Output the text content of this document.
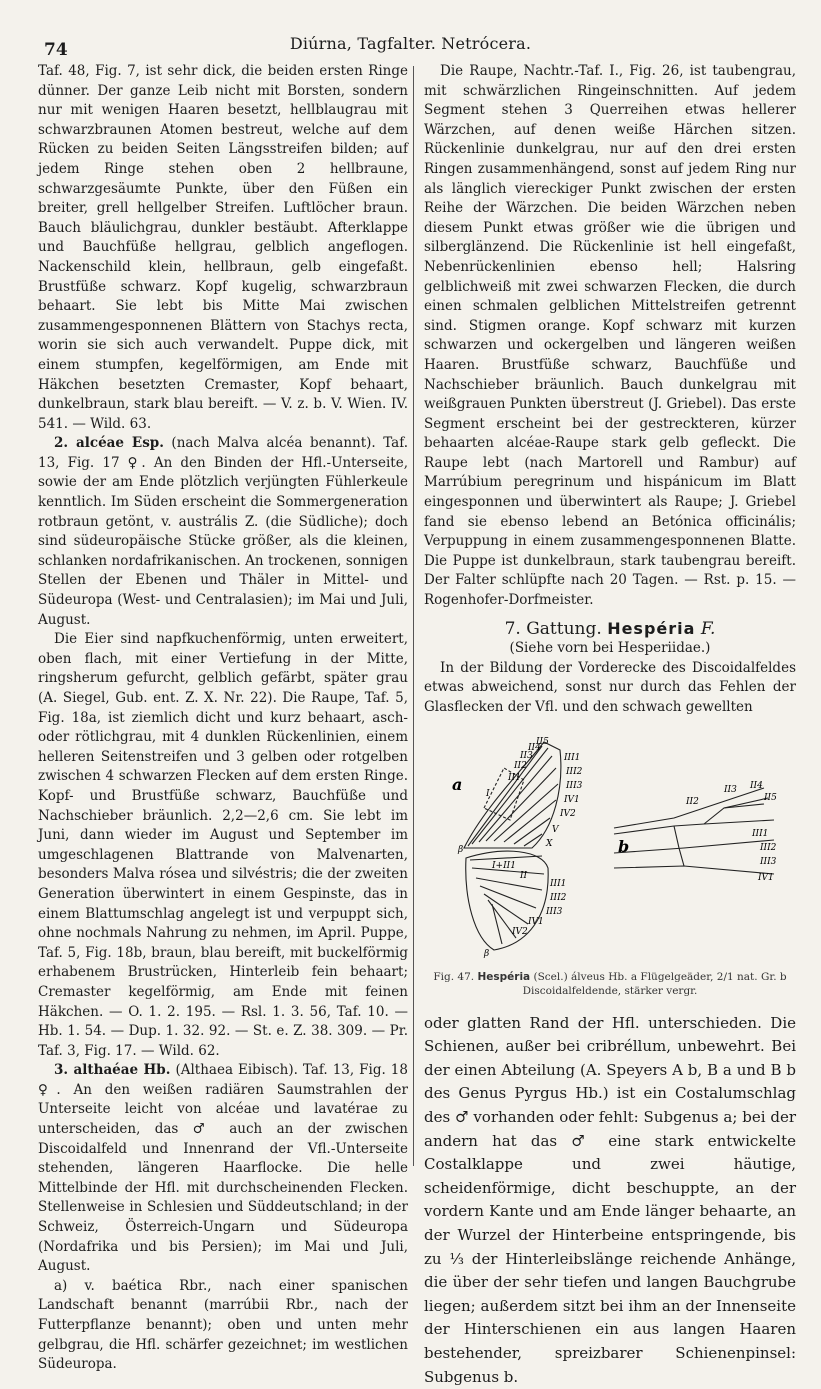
74	Diúrna, Tagfalter. Netrócera.

Taf. 48, Fig. 7, ist sehr dick, die beiden ersten Ringe dünner. Der ganze Leib nicht mit Borsten, sondern nur mit wenigen Haaren besetzt, hellblaugrau mit schwarzbraunen Atomen bestreut, welche auf dem Rücken zu beiden Seiten Längsstreifen bilden; auf jedem Ringe stehen oben 2 hellbraune, schwarzgesäumte Punkte, über den Füßen ein breiter, grell hellgelber Streifen. Luftlöcher braun. Bauch bläulichgrau, dunkler bestäubt. Afterklappe und Bauchfüße hellgrau, gelblich angeflogen. Nackenschild klein, hellbraun, gelb eingefaßt. Brustfüße schwarz. Kopf kugelig, schwarzbraun behaart. Sie lebt bis Mitte Mai zwischen zusammengesponnenen Blättern von Stachys recta, worin sie sich auch verwandelt. Puppe dick, mit einem stumpfen, kegelförmigen, am Ende mit Häkchen besetzten Cremaster, Kopf behaart, dunkelbraun, stark blau bereift. — V. z. b. V. Wien. IV. 541. — Wild. 63.

2. alcéae Esp. (nach Malva alcéa benannt). Taf. 13, Fig. 17 ♀. An den Binden der Hfl.-Unterseite, sowie der am Ende plötzlich verjüngten Fühlerkeule kenntlich. Im Süden erscheint die Sommergeneration rotbraun getönt, v. austrális Z. (die Südliche); doch sind südeuropäische Stücke größer, als die kleinen, schlanken nordafrikanischen. An trockenen, sonnigen Stellen der Ebenen und Thäler in Mittel- und Südeuropa (West- und Centralasien); im Mai und Juli, August.

Die Eier sind napfkuchenförmig, unten erweitert, oben flach, mit einer Vertiefung in der Mitte, ringsherum gefurcht, gelblich gefärbt, später grau (A. Siegel, Gub. ent. Z. X. Nr. 22). Die Raupe, Taf. 5, Fig. 18a, ist ziemlich dicht und kurz behaart, asch- oder rötlichgrau, mit 4 dunklen Rückenlinien, einem helleren Seitenstreifen und 3 gelben oder rotgelben zwischen 4 schwarzen Flecken auf dem ersten Ringe. Kopf- und Brustfüße schwarz, Bauchfüße und Nachschieber bräunlich. 2,2—2,6 cm. Sie lebt im Juni, dann wieder im August und September im umgeschlagenen Blattrande von Malvenarten, besonders Malva rósea und silvéstris; die der zweiten Generation überwintert in einem Gespinste, das in einem Blattumschlag angelegt ist und verpuppt sich, ohne nochmals Nahrung zu nehmen, im April. Puppe, Taf. 5, Fig. 18b, braun, blau bereift, mit buckelförmig erhabenem Brustrücken, Hinterleib fein behaart; Cremaster kegelförmig, am Ende mit feinen Häkchen. — O. 1. 2. 195. — Rsl. 1. 3. 56, Taf. 10. — Hb. 1. 54. — Dup. 1. 32. 92. — St. e. Z. 38. 309. — Pr. Taf. 3, Fig. 17. — Wild. 62.

3. althaéae Hb. (Althaea Eibisch). Taf. 13, Fig. 18 ♀. An den weißen radiären Saumstrahlen der Unterseite leicht von alcéae und lavatérae zu unterscheiden, das ♂ auch an der zwischen Discoidalfeld und Innenrand der Vfl.-Unterseite stehenden, längeren Haarflocke. Die helle Mittelbinde der Hfl. mit durchscheinenden Flecken. Stellenweise in Schlesien und Süddeutschland; in der Schweiz, Österreich-Ungarn und Südeuropa (Nordafrika und bis Persien); im Mai und Juli, August.

a) v. baética Rbr., nach einer spanischen Landschaft benannt (marrúbii Rbr., nach der Futterpflanze benannt); oben und unten mehr gelbgrau, die Hfl. schärfer gezeichnet; im westlichen Südeuropa.

Die Raupe, Nachtr.-Taf. I., Fig. 26, ist taubengrau, mit schwärzlichen Ringeinschnitten. Auf jedem Segment stehen 3 Querreihen etwas hellerer Wärzchen, auf denen weiße Härchen sitzen. Rückenlinie dunkelgrau, nur auf den drei ersten Ringen zusammenhängend, sonst auf jedem Ring nur als länglich viereckiger Punkt zwischen der ersten Reihe der Wärzchen. Die beiden Wärzchen neben diesem Punkt etwas größer wie die übrigen und silberglänzend. Die Rückenlinie ist hell eingefaßt, Nebenrückenlinien ebenso hell; Halsring gelblichweiß mit zwei schwarzen Flecken, die durch einen schmalen gelblichen Mittelstreifen getrennt sind. Stigmen orange. Kopf schwarz mit kurzen schwarzen und ockergelben und längeren weißen Haaren. Brustfüße schwarz, Bauchfüße und Nachschieber bräunlich. Bauch dunkelgrau mit weißgrauen Punkten überstreut (J. Griebel). Das erste Segment erscheint bei der gestreckteren, kürzer behaarten alcéae-Raupe stark gelb gefleckt. Die Raupe lebt (nach Martorell und Rambur) auf Marrúbium peregrinum und hispánicum im Blatt eingesponnen und überwintert als Raupe; J. Griebel fand sie ebenso lebend an Betónica officinális; Verpuppung in einem zusammengesponnenen Blatte. Die Puppe ist dunkelbraun, stark taubengrau bereift. Der Falter schlüpfte nach 20 Tagen. — Rst. p. 15. — Rogenhofer-Dorfmeister.

7. Gattung. Hespéria F.
(Siehe vorn bei Hesperiidae.)

In der Bildung der Vorderecke des Discoidalfeldes etwas abweichend, sonst nur durch das Fehlen der Glasflecken der Vfl. und den schwach gewellten

a
b
II5
II4
II3
II2
II1
I
III1
III2
III3
IV1
IV2
V
X
β
I+II1
II
III1
III2
III3
IV1
IV2
β
II2
II3 II4
II5
III1
III2
III3
IV1
Fig. 47. Hespéria (Scel.) álveus Hb. a Flügelgeäder, 2/1 nat. Gr. b Discoidalfeldende, stärker vergr.

oder glatten Rand der Hfl. unterschieden. Die Schienen, außer bei cribréllum, unbewehrt. Bei der einen Abteilung (A. Speyers A b, B a und B b des Genus Pyrgus Hb.) ist ein Costalumschlag des ♂ vorhanden oder fehlt: Subgenus a; bei der andern hat das ♂ eine stark entwickelte Costalklappe und zwei häutige, scheidenförmige, dicht beschuppte, an der vordern Kante und am Ende länger behaarte, an der Wurzel der Hinterbeine entspringende, bis zu ⅓ der Hinterleibslänge reichende Anhänge, die über der sehr tiefen und langen Bauchgrube liegen; außerdem sitzt bei ihm an der Innenseite der Hinterschienen ein aus langen Haaren bestehender, spreizbarer Schienenpinsel: Subgenus b.
